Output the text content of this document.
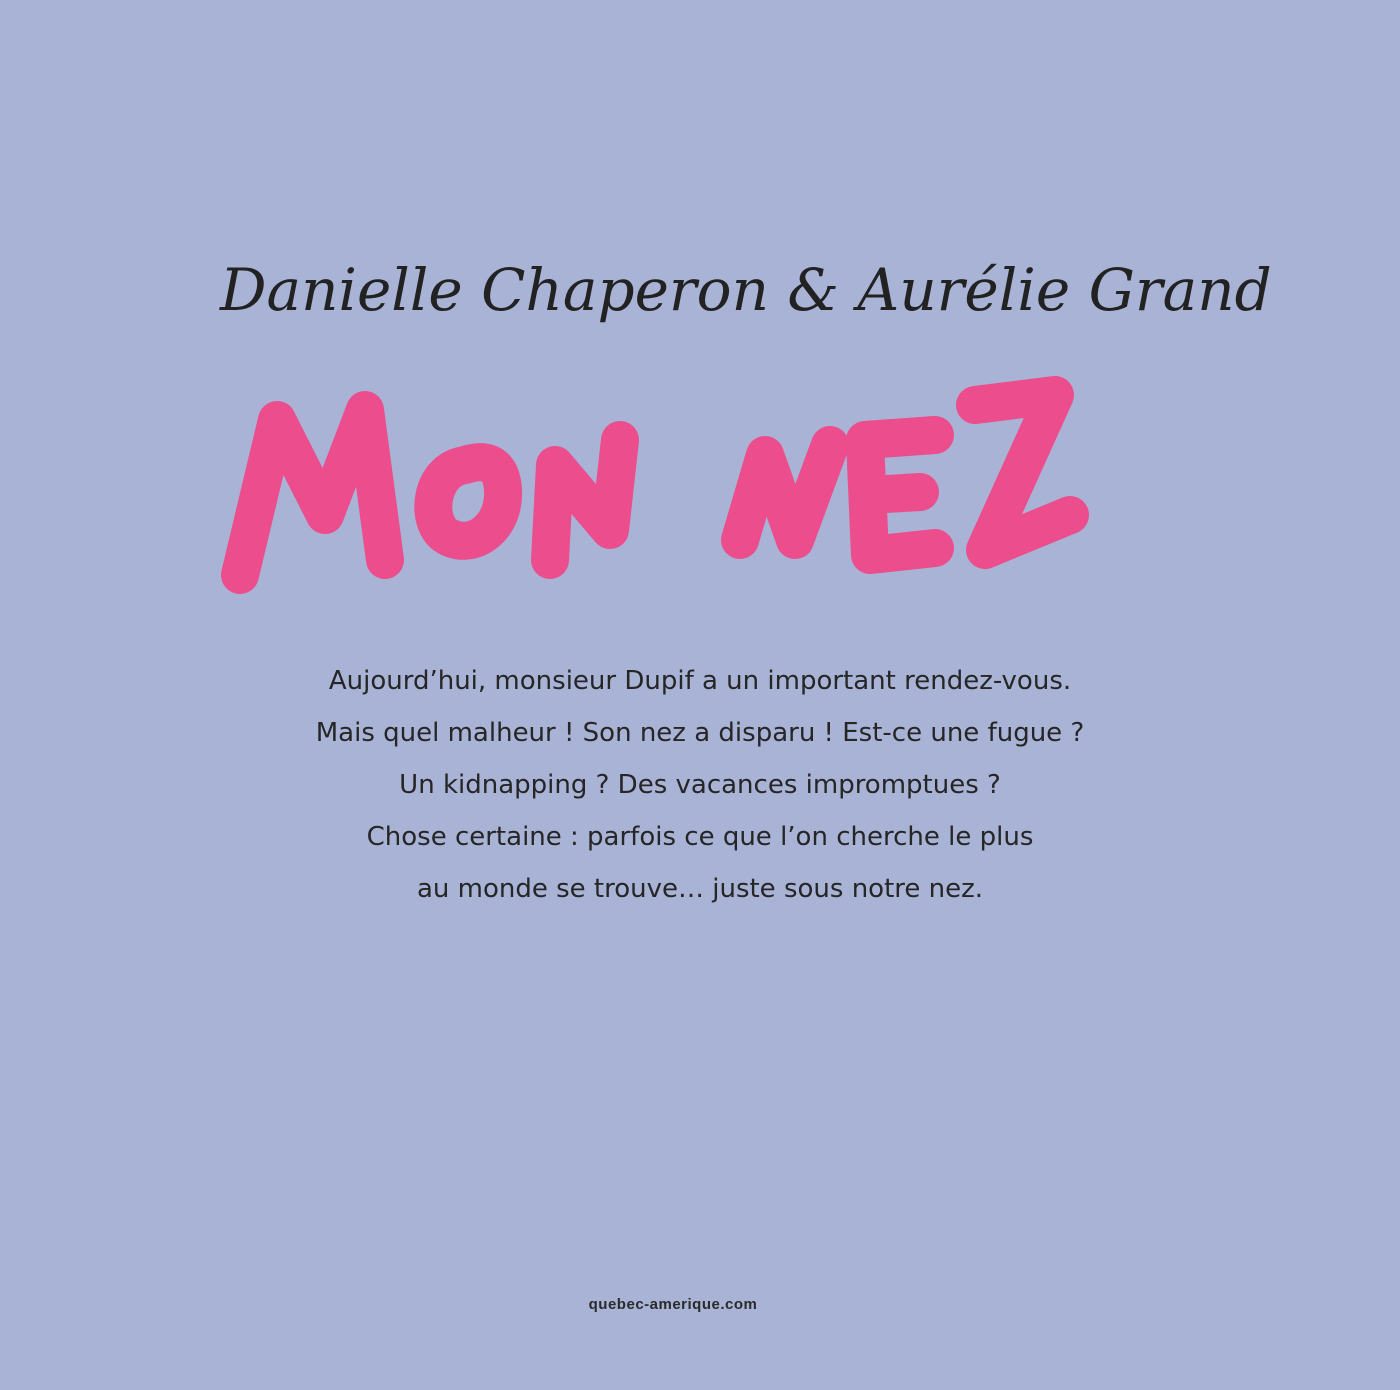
Danielle Chaperon & Aurélie Grand

Aujourd’hui, monsieur Dupif a un important rendez-vous.

Mais quel malheur ! Son nez a disparu ! Est-ce une fugue ?

Un kidnapping ? Des vacances impromptues ?

Chose certaine : parfois ce que l’on cherche le plus

au monde se trouve… juste sous notre nez.

quebec-amerique.com
